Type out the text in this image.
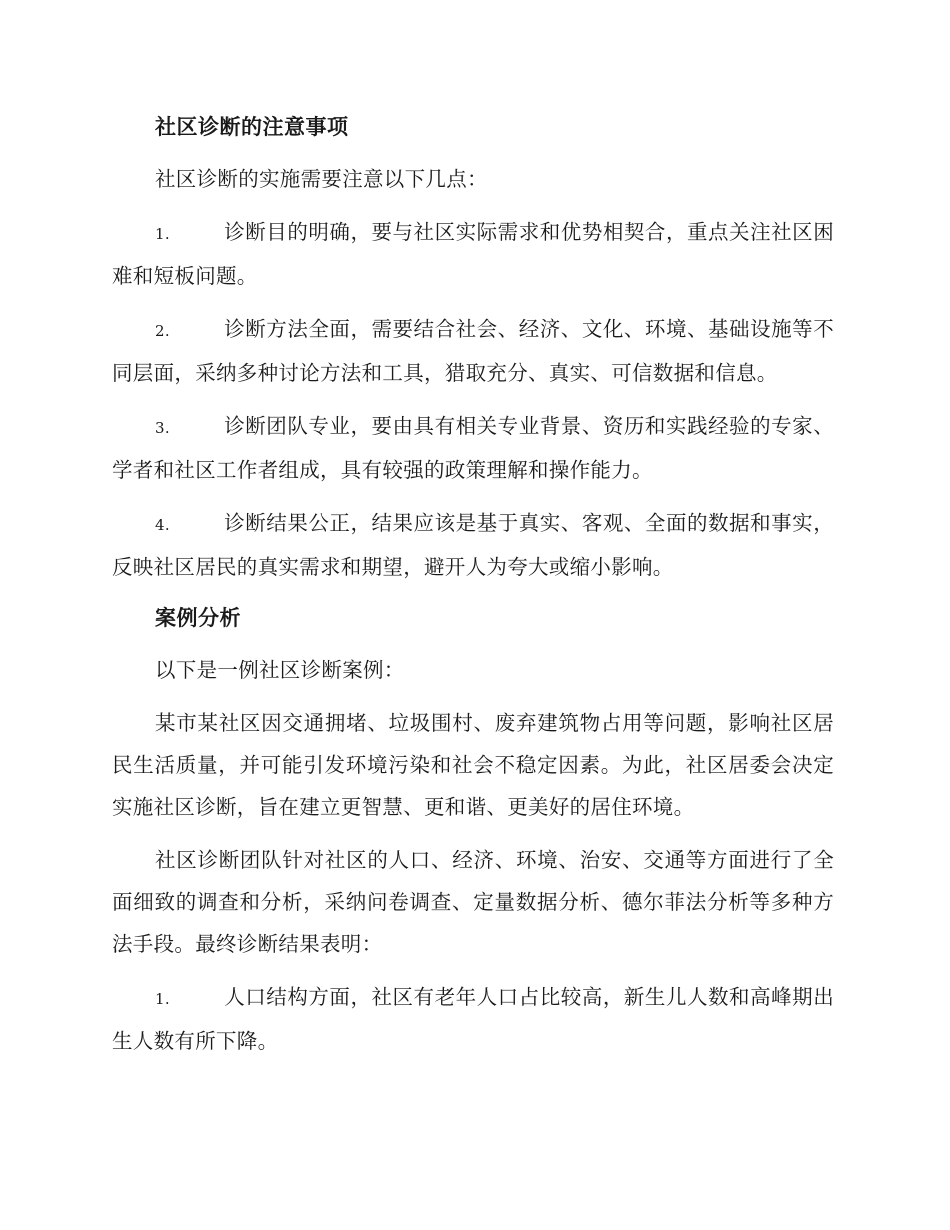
社区诊断的注意事项

社区诊断的实施需要注意以下几点：

1.	诊断目的明确，要与社区实际需求和优势相契合，重点关注社区困难和短板问题。

2.	诊断方法全面，需要结合社会、经济、文化、环境、基础设施等不同层面，采纳多种讨论方法和工具，猎取充分、真实、可信数据和信息。

3.	诊断团队专业，要由具有相关专业背景、资历和实践经验的专家、学者和社区工作者组成，具有较强的政策理解和操作能力。

4.	诊断结果公正，结果应该是基于真实、客观、全面的数据和事实，反映社区居民的真实需求和期望，避开人为夸大或缩小影响。

案例分析

以下是一例社区诊断案例：

某市某社区因交通拥堵、垃圾围村、废弃建筑物占用等问题，影响社区居民生活质量，并可能引发环境污染和社会不稳定因素。为此，社区居委会决定实施社区诊断，旨在建立更智慧、更和谐、更美好的居住环境。

社区诊断团队针对社区的人口、经济、环境、治安、交通等方面进行了全面细致的调查和分析，采纳问卷调查、定量数据分析、德尔菲法分析等多种方法手段。最终诊断结果表明：

1.	人口结构方面，社区有老年人口占比较高，新生儿人数和高峰期出生人数有所下降。
